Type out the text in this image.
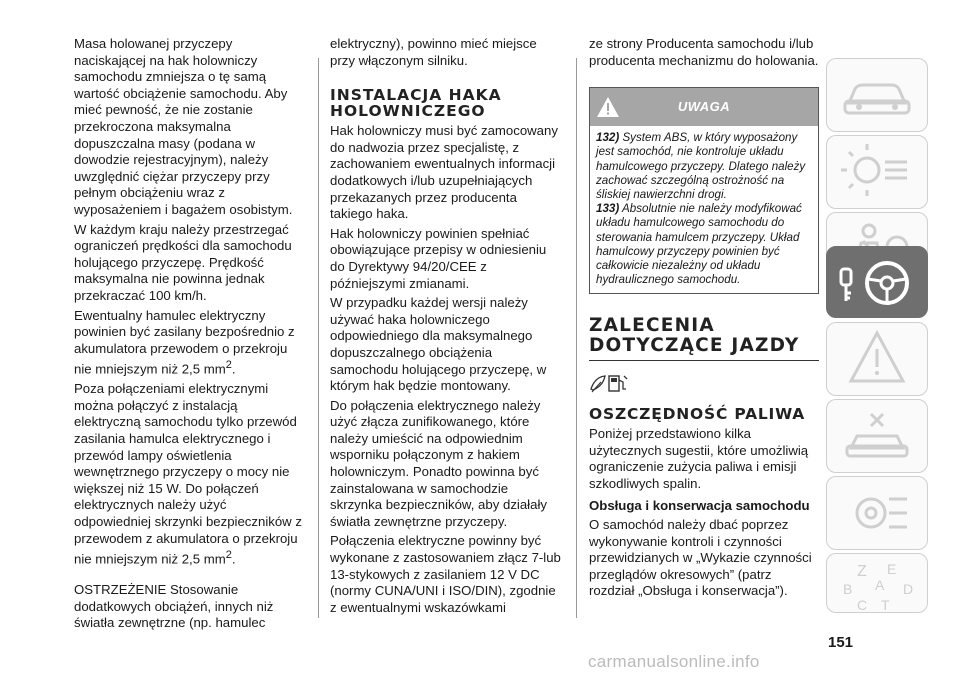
Masa holowanej przyczepy naciskającej na hak holowniczy samochodu zmniejsza o tę samą wartość obciążenie samochodu. Aby mieć pewność, że nie zostanie przekroczona maksymalna dopuszczalna masy (podana w dowodzie rejestracyjnym), należy uwzględnić ciężar przyczepy przy pełnym obciążeniu wraz z wyposażeniem i bagażem osobistym.

W każdym kraju należy przestrzegać ograniczeń prędkości dla samochodu holującego przyczepę. Prędkość maksymalna nie powinna jednak przekraczać 100 km/h.

Ewentualny hamulec elektryczny powinien być zasilany bezpośrednio z akumulatora przewodem o przekroju nie mniejszym niż 2,5 $mm^2$.

Poza połączeniami elektrycznymi można połączyć z instalacją elektryczną samochodu tylko przewód zasilania hamulca elektrycznego i przewód lampy oświetlenia wewnętrznego przyczepy o mocy nie większej niż 15 W. Do połączeń elektrycznych należy użyć odpowiedniej skrzynki bezpieczników z przewodem z akumulatora o przekroju nie mniejszym niż 2,5 $mm^2$.

OSTRZEŻENIE Stosowanie dodatkowych obciążeń, innych niż światła zewnętrzne (np. hamulec

elektryczny), powinno mieć miejsce przy włączonym silniku.

INSTALACJA HAKA HOLOWNICZEGO

Hak holowniczy musi być zamocowany do nadwozia przez specjalistę, z zachowaniem ewentualnych informacji dodatkowych i/lub uzupełniających przekazanych przez producenta takiego haka.

Hak holowniczy powinien spełniać obowiązujące przepisy w odniesieniu do Dyrektywy 94/20/CEE z późniejszymi zmianami.

W przypadku każdej wersji należy używać haka holowniczego odpowiedniego dla maksymalnego dopuszczalnego obciążenia samochodu holującego przyczepę, w którym hak będzie montowany.

Do połączenia elektrycznego należy użyć złącza zunifikowanego, które należy umieścić na odpowiednim wsporniku połączonym z hakiem holowniczym. Ponadto powinna być zainstalowana w samochodzie skrzynka bezpieczników, aby działały światła zewnętrzne przyczepy.

Połączenia elektryczne powinny być wykonane z zastosowaniem złącz 7-lub 13-stykowych z zasilaniem 12 V DC (normy CUNA/UNI i ISO/DIN), zgodnie z ewentualnymi wskazówkami

ze strony Producenta samochodu i/lub producenta mechanizmu do holowania.

UWAGA

132) System ABS, w który wyposażony jest samochód, nie kontroluje układu hamulcowego przyczepy. Dlatego należy zachować szczególną ostrożność na śliskiej nawierzchni drogi.

133) Absolutnie nie należy modyfikować układu hamulcowego samochodu do sterowania hamulcem przyczepy. Układ hamulcowy przyczepy powinien być całkowicie niezależny od układu hydraulicznego samochodu.

ZALECENIA DOTYCZĄCE JAZDY
OSZCZĘDNOŚĆ PALIWA

Poniżej przedstawiono kilka użytecznych sugestii, które umożliwią ograniczenie zużycia paliwa i emisji szkodliwych spalin.

Obsługa i konserwacja samochodu

O samochód należy dbać poprzez wykonywanie kontroli i czynności przewidzianych w „Wykazie czynności przeglądów okresowych” (patrz rozdział „Obsługa i konserwacja”).

Z E
B A
C
D
T
151
carmanualsonline.info
